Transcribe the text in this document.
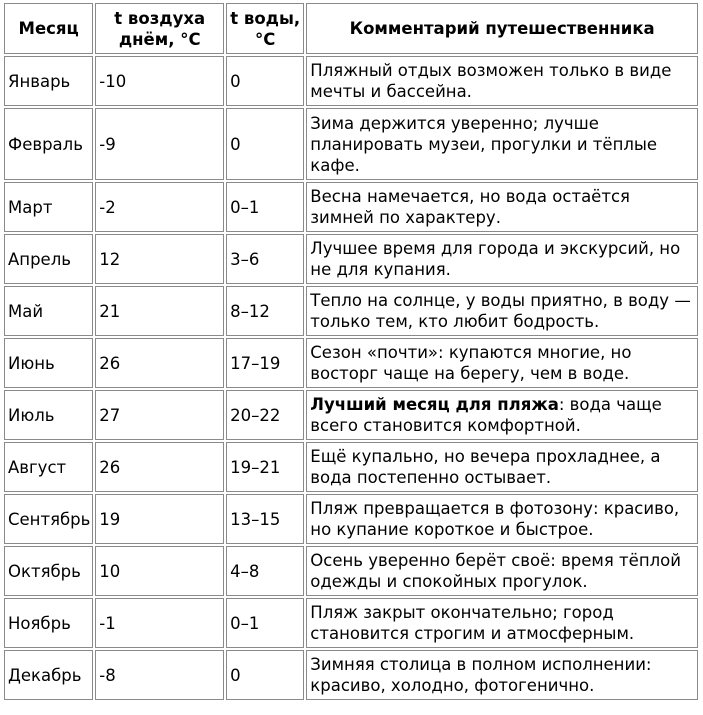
Месяц	t воздуха днём, °C	t воды, °C	Комментарий путешественника
Январь	-10	0	Пляжный отдых возможен только в виде мечты и бассейна.
Февраль	-9	0	Зима держится уверенно; лучше планировать музеи, прогулки и тёплые кафе.
Март	-2	0–1	Весна намечается, но вода остаётся зимней по характеру.
Апрель	12	3–6	Лучшее время для города и экскурсий, но не для купания.
Май	21	8–12	Тепло на солнце, у воды приятно, в воду — только тем, кто любит бодрость.
Июнь	26	17–19	Сезон «почти»: купаются многие, но восторг чаще на берегу, чем в воде.
Июль	27	20–22	Лучший месяц для пляжа: вода чаще всего становится комфортной.
Август	26	19–21	Ещё купально, но вечера прохладнее, а вода постепенно остывает.
Сентябрь	19	13–15	Пляж превращается в фотозону: красиво, но купание короткое и быстрое.
Октябрь	10	4–8	Осень уверенно берёт своё: время тёплой одежды и спокойных прогулок.
Ноябрь	-1	0–1	Пляж закрыт окончательно; город становится строгим и атмосферным.
Декабрь	-8	0	Зимняя столица в полном исполнении: красиво, холодно, фотогенично.
